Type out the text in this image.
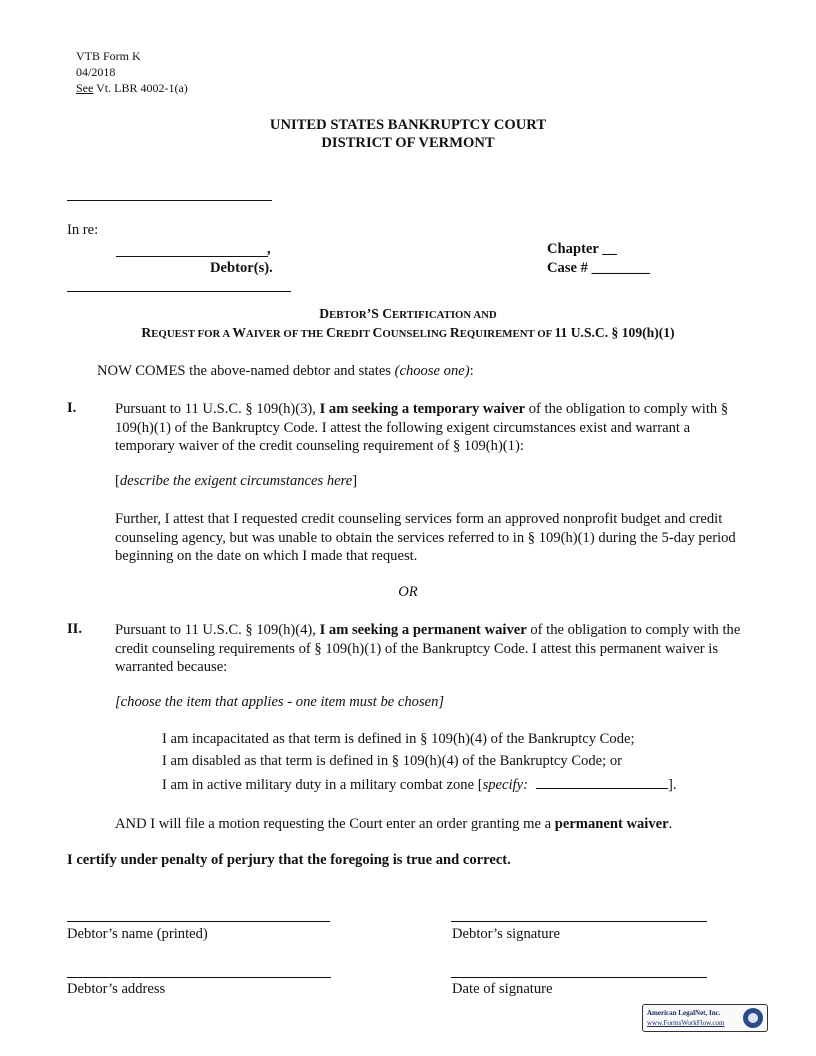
VTB Form K
04/2018
See Vt. LBR 4002-1(a)
UNITED STATES BANKRUPTCY COURT
DISTRICT OF VERMONT
In re:
,
Debtor(s).
Chapter __
Case # ________
DEBTOR’S CERTIFICATION AND
REQUEST FOR A WAIVER OF THE CREDIT COUNSELING REQUIREMENT OF 11 U.S.C. § 109(h)(1)
NOW COMES the above-named debtor and states (choose one):
I.	Pursuant to 11 U.S.C. § 109(h)(3), I am seeking a temporary waiver of the obligation to comply with § 109(h)(1) of the Bankruptcy Code. I attest the following exigent circumstances exist and warrant a temporary waiver of the credit counseling requirement of § 109(h)(1):
[describe the exigent circumstances here]
Further, I attest that I requested credit counseling services form an approved nonprofit budget and credit counseling agency, but was unable to obtain the services referred to in § 109(h)(1) during the 5-day period beginning on the date on which I made that request.
OR
II. Pursuant to 11 U.S.C. § 109(h)(4), I am seeking a permanent waiver of the obligation to comply with the credit counseling requirements of § 109(h)(1) of the Bankruptcy Code. I attest this permanent waiver is warranted because:
[choose the item that applies - one item must be chosen]
I am incapacitated as that term is defined in § 109(h)(4) of the Bankruptcy Code;
I am disabled as that term is defined in § 109(h)(4) of the Bankruptcy Code; or
I am in active military duty in a military combat zone [specify:	].
AND I will file a motion requesting the Court enter an order granting me a permanent waiver.
I certify under penalty of perjury that the foregoing is true and correct.
Debtor’s name (printed)	Debtor’s signature
Debtor’s address	Date of signature
American LegalNet, Inc.
www.FormsWorkFlow.com
